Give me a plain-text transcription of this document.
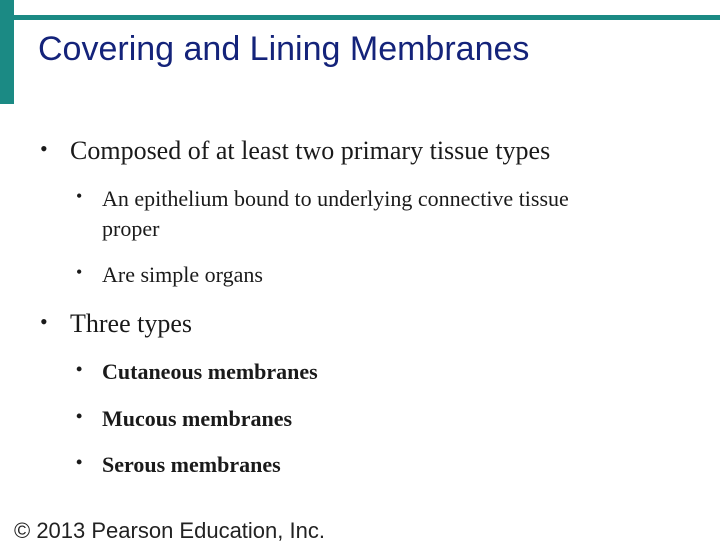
Covering and Lining Membranes
• Composed of at least two primary tissue types
• An epithelium bound to underlying connective tissue
proper
• Are simple organs
• Three types
• Cutaneous membranes
• Mucous membranes
• Serous membranes
© 2013 Pearson Education, Inc.
